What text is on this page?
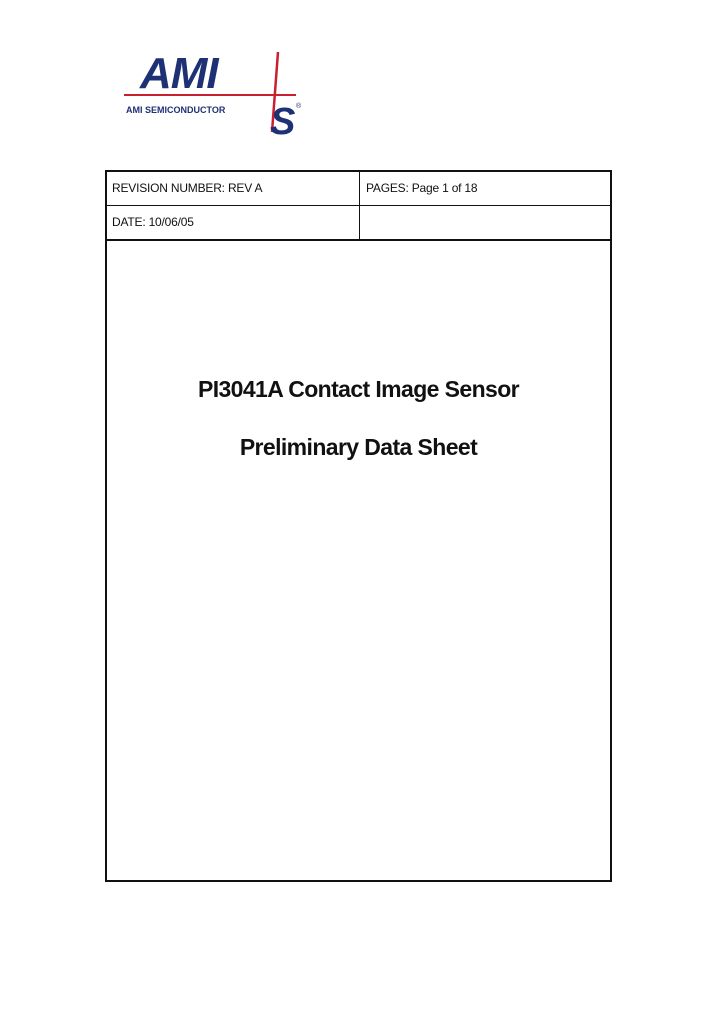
AMI
AMI SEMICONDUCTOR S ®
REVISION NUMBER: REV A	PAGES: Page 1 of 18
DATE: 10/06/05
PI3041A Contact Image Sensor
Preliminary Data Sheet
